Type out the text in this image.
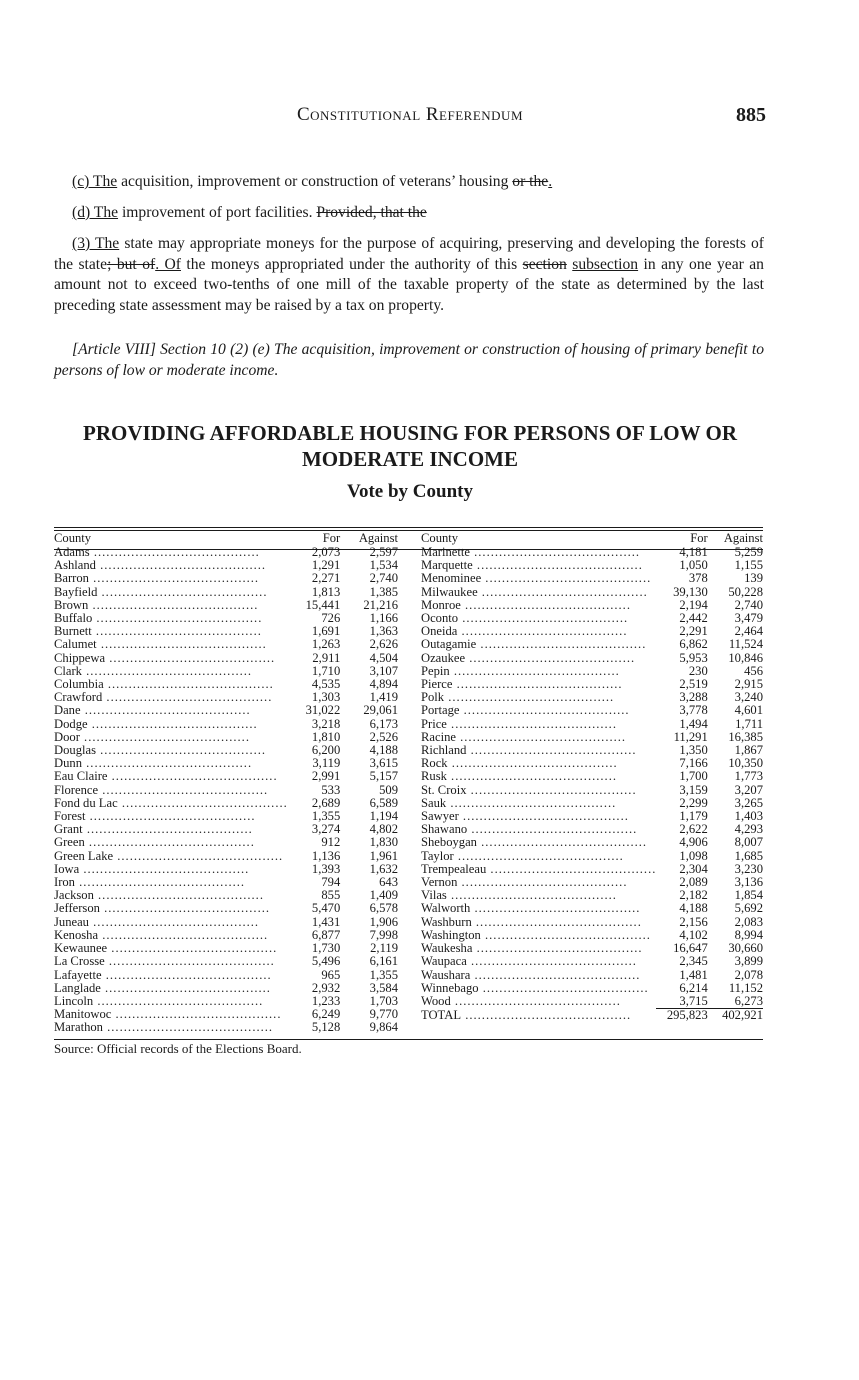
Constitutional Referendum	885

(c) The acquisition, improvement or construction of veterans’ housing or the.

(d) The improvement of port facilities. Provided, that the

(3) The state may appropriate moneys for the purpose of acquiring, preserving and developing the forests of the state; but of. Of the moneys appropriated under the authority of this section subsection in any one year an amount not to exceed two-tenths of one mill of the taxable property of the state as determined by the last preceding state assessment may be raised by a tax on property.

[Article VIII] Section 10 (2) (e) The acquisition, improvement or construction of housing of primary benefit to persons of low or moderate income.

PROVIDING AFFORDABLE HOUSING FOR PERSONS OF LOW OR MODERATE INCOME
Vote by County
County	For	Against
Adams .....	2,073	2,597
Ashland .....	1,291	1,534
Barron .....	2,271	2,740
Bayfield .....	1,813	1,385
Brown .....	15,441	21,216
Buffalo .....	726	1,166
Burnett .....	1,691	1,363
Calumet .....	1,263	2,626
Chippewa .....	2,911	4,504
Clark .....	1,710	3,107
Columbia .....	4,535	4,894
Crawford .....	1,303	1,419
Dane .....	31,022	29,061
Dodge .....	3,218	6,173
Door .....	1,810	2,526
Douglas .....	6,200	4,188
Dunn .....	3,119	3,615
Eau Claire .....	2,991	5,157
Florence .....	533	509
Fond du Lac .....	2,689	6,589
Forest .....	1,355	1,194
Grant .....	3,274	4,802
Green .....	912	1,830
Green Lake .....	1,136	1,961
Iowa .....	1,393	1,632
Iron .....	794	643
Jackson .....	855	1,409
Jefferson .....	5,470	6,578
Juneau .....	1,431	1,906
Kenosha .....	6,877	7,998
Kewaunee .....	1,730	2,119
La Crosse .....	5,496	6,161
Lafayette .....	965	1,355
Langlade .....	2,932	3,584
Lincoln .....	1,233	1,703
Manitowoc .....	6,249	9,770
Marathon .....	5,128	9,864
County	For	Against
Marinette .....	4,181	5,259
Marquette .....	1,050	1,155
Menominee .....	378	139
Milwaukee .....	39,130	50,228
Monroe .....	2,194	2,740
Oconto .....	2,442	3,479
Oneida .....	2,291	2,464
Outagamie .....	6,862	11,524
Ozaukee .....	5,953	10,846
Pepin .....	230	456
Pierce .....	2,519	2,915
Polk .....	3,288	3,240
Portage .....	3,778	4,601
Price .....	1,494	1,711
Racine .....	11,291	16,385
Richland .....	1,350	1,867
Rock .....	7,166	10,350
Rusk .....	1,700	1,773
St. Croix .....	3,159	3,207
Sauk .....	2,299	3,265
Sawyer .....	1,179	1,403
Shawano .....	2,622	4,293
Sheboygan .....	4,906	8,007
Taylor .....	1,098	1,685
Trempealeau .....	2,304	3,230
Vernon .....	2,089	3,136
Vilas .....	2,182	1,854
Walworth .....	4,188	5,692
Washburn .....	2,156	2,083
Washington .....	4,102	8,994
Waukesha .....	16,647	30,660
Waupaca .....	2,345	3,899
Waushara .....	1,481	2,078
Winnebago .....	6,214	11,152
Wood .....	3,715	6,273
TOTAL .....	295,823	402,921

Source: Official records of the Elections Board.
